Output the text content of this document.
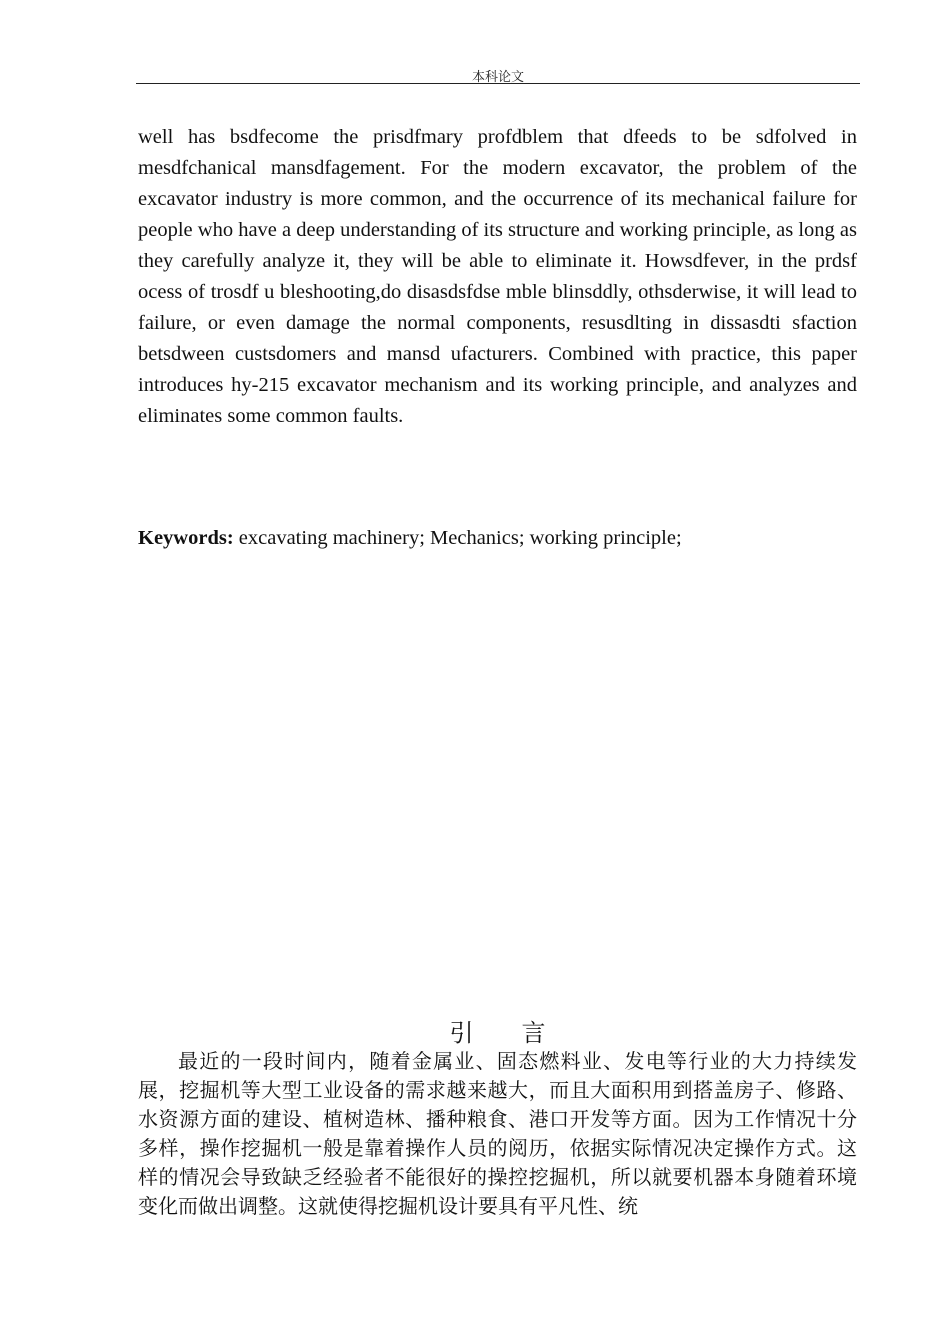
本科论文

well has bsdfecome the prisdfmary profdblem that dfeeds to be sdfolved in mesdfchanical mansdfagement. For the modern excavator, the problem of the excavator industry is more common, and the occurrence of its mechanical failure for people who have a deep understanding of its structure and working principle, as long as they carefully analyze it, they will be able to eliminate it. Howsdfever, in the prdsf ocess of trosdf u bleshooting,do disasdsfdse mble blinsddly, othsderwise, it will lead to failure, or even damage the normal components, resusdlting in dissasdti sfaction betsdween custsdomers and mansd ufacturers. Combined with practice, this paper introduces hy-215 excavator mechanism and its working principle, and analyzes and eliminates some common faults.

Keywords: excavating machinery; Mechanics; working principle;

引言

最近的一段时间内，随着金属业、固态燃料业、发电等行业的大力持续发展，挖掘机等大型工业设备的需求越来越大，而且大面积用到搭盖房子、修路、水资源方面的建设、植树造林、播种粮食、港口开发等方面。因为工作情况十分多样，操作挖掘机一般是靠着操作人员的阅历，依据实际情况决定操作方式。这样的情况会导致缺乏经验者不能很好的操控挖掘机，所以就要机器本身随着环境变化而做出调整。这就使得挖掘机设计要具有平凡性、统
